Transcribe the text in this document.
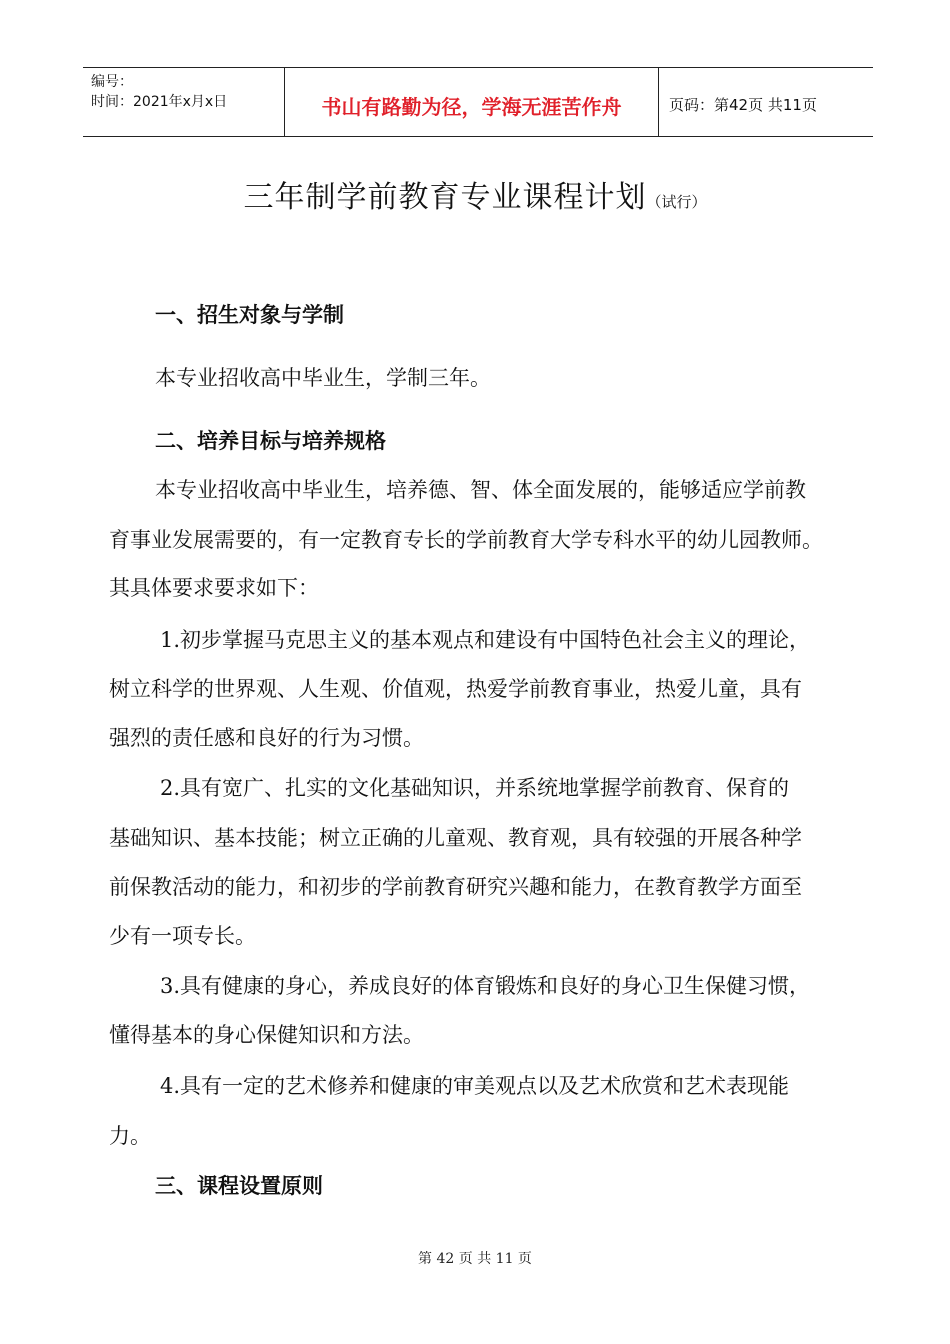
编号：
时间：2021年x月x日	书山有路勤为径，学海无涯苦作舟	页码：第42页 共11页
三年制学前教育专业课程计划（试行）
一、招生对象与学制
本专业招收高中毕业生，学制三年。
二、培养目标与培养规格
本专业招收高中毕业生，培养德、智、体全面发展的，能够适应学前教
育事业发展需要的，有一定教育专长的学前教育大学专科水平的幼儿园教师。
其具体要求要求如下：
1.初步掌握马克思主义的基本观点和建设有中国特色社会主义的理论，
树立科学的世界观、人生观、价值观，热爱学前教育事业，热爱儿童，具有
强烈的责任感和良好的行为习惯。
2.具有宽广、扎实的文化基础知识，并系统地掌握学前教育、保育的
基础知识、基本技能；树立正确的儿童观、教育观，具有较强的开展各种学
前保教活动的能力，和初步的学前教育研究兴趣和能力，在教育教学方面至
少有一项专长。
3.具有健康的身心，养成良好的体育锻炼和良好的身心卫生保健习惯，
懂得基本的身心保健知识和方法。
4.具有一定的艺术修养和健康的审美观点以及艺术欣赏和艺术表现能
力。
三、课程设置原则
第 42 页 共 11 页
